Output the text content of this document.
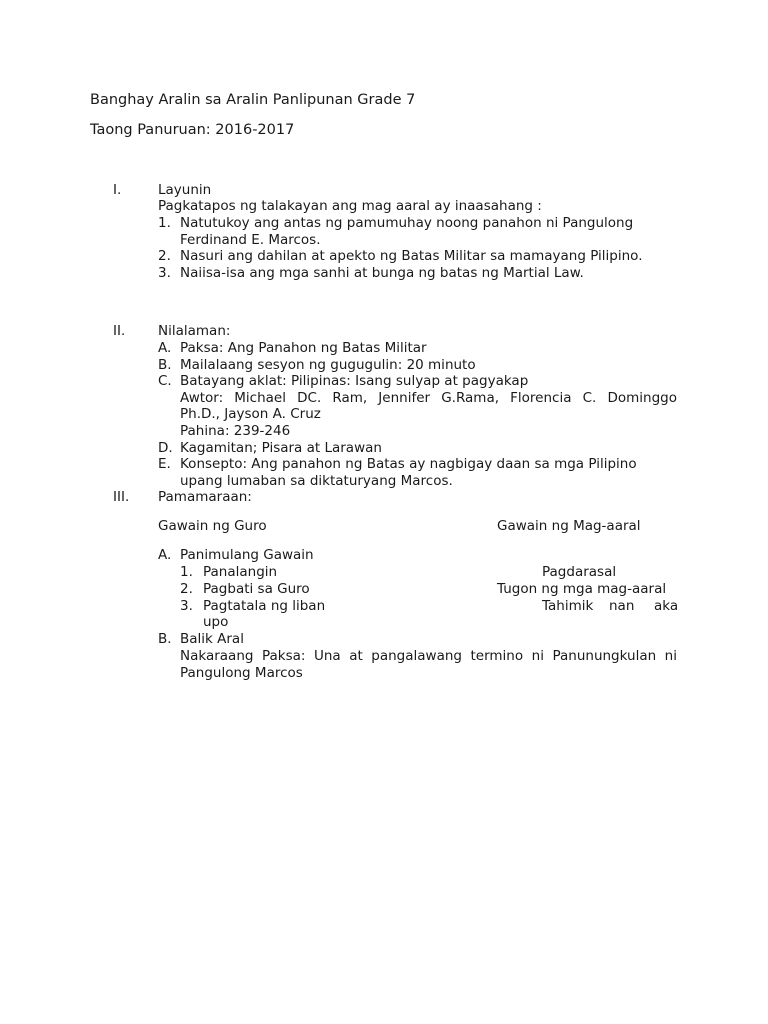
Banghay Aralin sa Aralin Panlipunan Grade 7
Taong Panuruan: 2016-2017
I.	Layunin
Pagkatapos ng talakayan ang mag aaral ay inaasahang :
1. Natutukoy ang antas ng pamumuhay noong panahon ni Pangulong
Ferdinand E. Marcos.
2. Nasuri ang dahilan at apekto ng Batas Militar sa mamayang Pilipino.
3. Naiisa-isa ang mga sanhi at bunga ng batas ng Martial Law.
II. Nilalaman:
A. Paksa: Ang Panahon ng Batas Militar
B. Mailalaang sesyon ng gugugulin: 20 minuto
C. Batayang aklat: Pilipinas: Isang sulyap at pagyakap
Awtor: Michael DC. Ram, Jennifer G.Rama, Florencia C. Dominggo
Ph.D., Jayson A. Cruz
Pahina: 239-246
D. Kagamitan; Pisara at Larawan
E. Konsepto: Ang panahon ng Batas ay nagbigay daan sa mga Pilipino
upang lumaban sa diktaturyang Marcos.
III. Pamamaraan:
Gawain ng Guro	Gawain ng Mag-aaral
A. Panimulang Gawain
1. Panalangin	Pagdarasal
2. Pagbati sa Guro	Tugon ng mga mag-aaral
3. Pagtatala ng liban	Tahimik nan aka
upo
B. Balik Aral
Nakaraang Paksa: Una at pangalawang termino ni Panunungkulan ni
Pangulong Marcos
